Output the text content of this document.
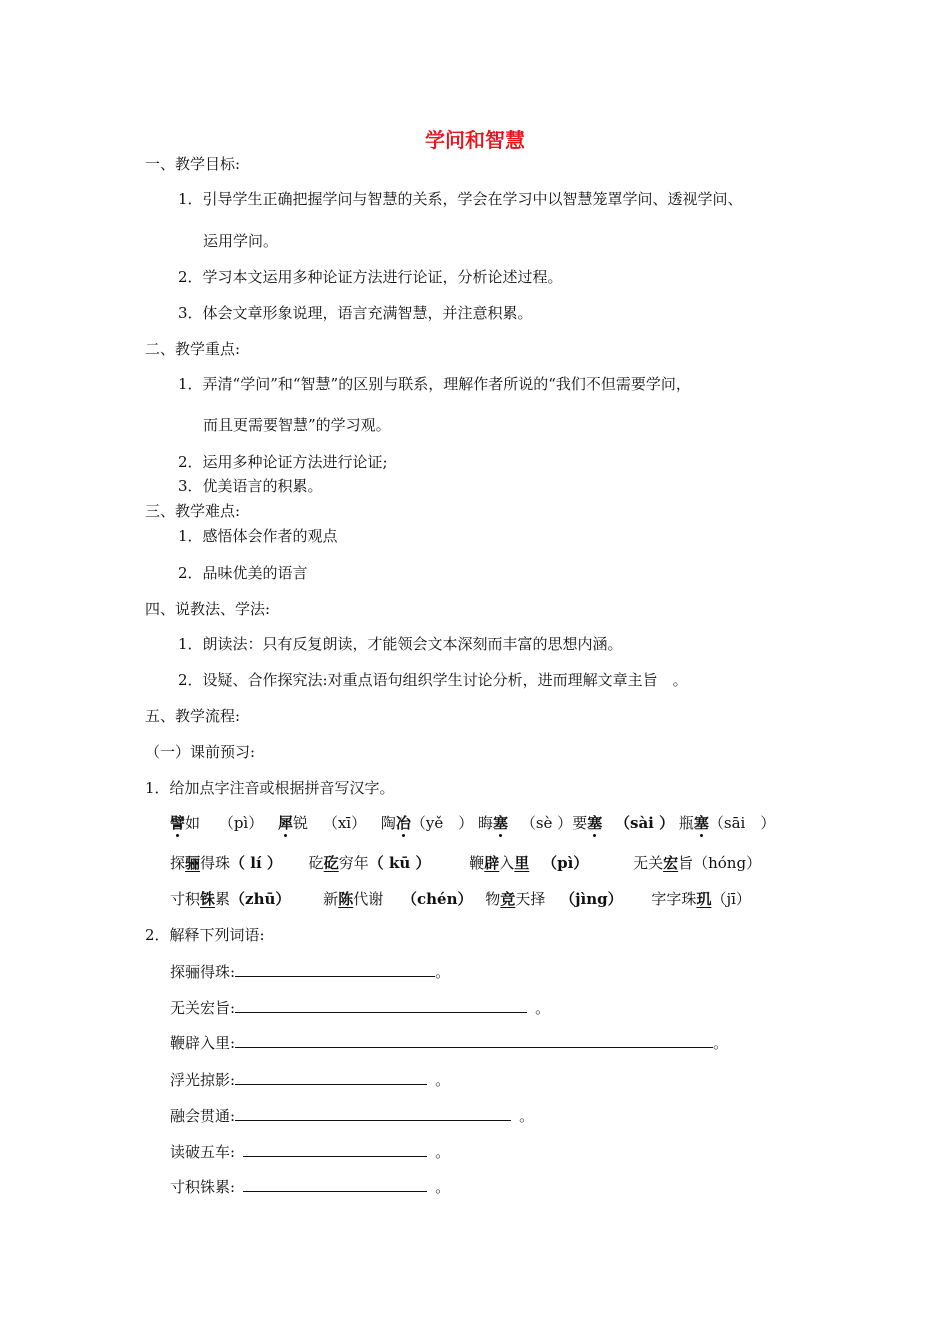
学问和智慧
一、教学目标:
1．引导学生正确把握学问与智慧的关系，学会在学习中以智慧笼罩学问、透视学问、
运用学问。
2．学习本文运用多种论证方法进行论证，分析论述过程。
3．体会文章形象说理，语言充满智慧，并注意积累。
二、教学重点:
1．弄清“学问”和“智慧”的区别与联系，理解作者所说的“我们不但需要学问，
而且更需要智慧”的学习观。
2．运用多种论证方法进行论证;
3．优美语言的积累。
三、教学难点:
1．感悟体会作者的观点
2．品味优美的语言
四、说教法、学法:
1．朗读法：只有反复朗读，才能领会文本深刻而丰富的思想内涵。
2．设疑、合作探究法:对重点语句组织学生讨论分析，进而理解文章主旨　。
五、教学流程:
（一）课前预习:
1．给加点字注音或根据拼音写汉字。
譬如 （pì） 犀锐 （xī） 陶冶（yě　） 晦塞 （sè ）要塞 （sài ） 瓶塞（sāi　）
探骊得珠（ lí ） 矻矻穷年（ kū ）	鞭辟入里 （pì）	无关宏旨（hóng）
寸积铢累（zhū） 新陈代谢 （chén） 物竞天择 （jìng） 字字珠玑（jī）
2．解释下列词语:
探骊得珠:	。
无关宏旨:	。
鞭辟入里:	。
浮光掠影:	。
融会贯通:	。
读破五车:	。
寸积铢累:	。
